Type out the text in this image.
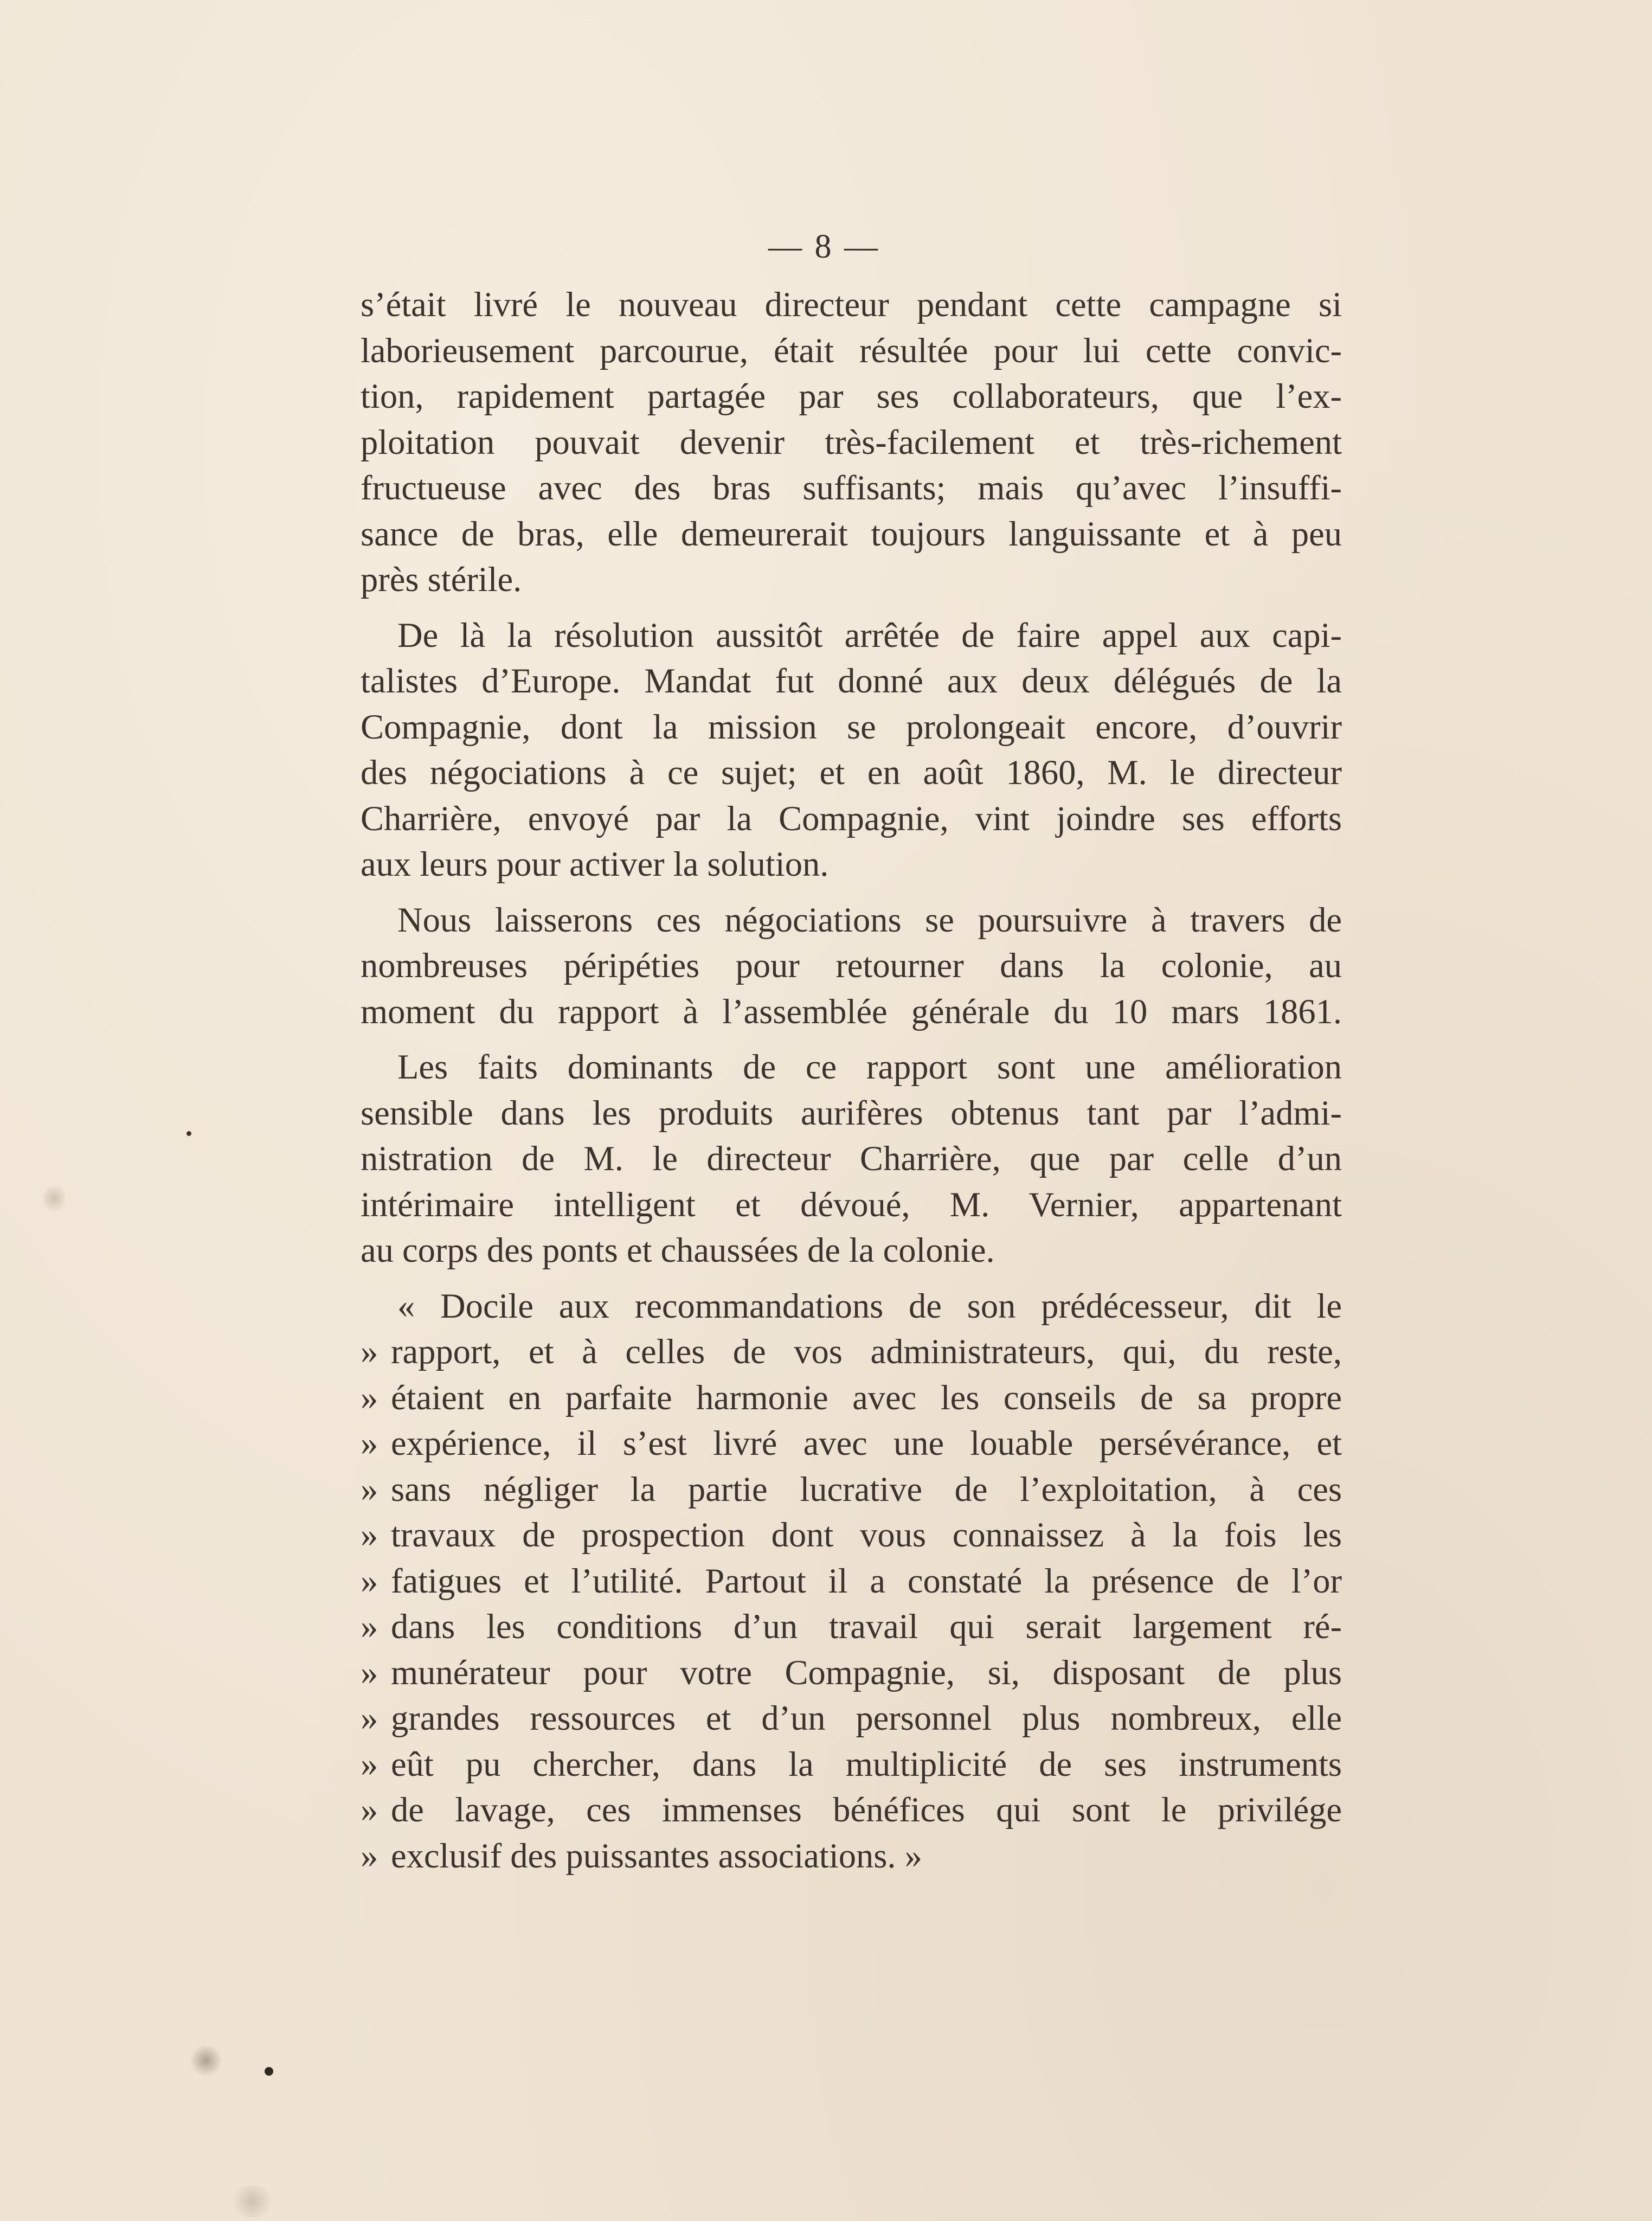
— 8 —
s’était livré le nouveau directeur pendant cette campagne si
laborieusement parcourue, était résultée pour lui cette convic-
tion, rapidement partagée par ses collaborateurs, que l’ex-
ploitation pouvait devenir très-facilement et très-richement
fructueuse avec des bras suffisants; mais qu’avec l’insuffi-
sance de bras, elle demeurerait toujours languissante et à peu
près stérile.
De là la résolution aussitôt arrêtée de faire appel aux capi-
talistes d’Europe. Mandat fut donné aux deux délégués de la
Compagnie, dont la mission se prolongeait encore, d’ouvrir
des négociations à ce sujet; et en août 1860, M. le directeur
Charrière, envoyé par la Compagnie, vint joindre ses efforts
aux leurs pour activer la solution.
Nous laisserons ces négociations se poursuivre à travers de
nombreuses péripéties pour retourner dans la colonie, au
moment du rapport à l’assemblée générale du 10 mars 1861.
Les faits dominants de ce rapport sont une amélioration
sensible dans les produits aurifères obtenus tant par l’admi-
nistration de M. le directeur Charrière, que par celle d’un
intérimaire intelligent et dévoué, M. Vernier, appartenant
au corps des ponts et chaussées de la colonie.
« Docile aux recommandations de son prédécesseur, dit le
» rapport, et à celles de vos administrateurs, qui, du reste,
» étaient en parfaite harmonie avec les conseils de sa propre
» expérience, il s’est livré avec une louable persévérance, et
» sans négliger la partie lucrative de l’exploitation, à ces
» travaux de prospection dont vous connaissez à la fois les
» fatigues et l’utilité. Partout il a constaté la présence de l’or
» dans les conditions d’un travail qui serait largement ré-
» munérateur pour votre Compagnie, si, disposant de plus
» grandes ressources et d’un personnel plus nombreux, elle
» eût pu chercher, dans la multiplicité de ses instruments
» de lavage, ces immenses bénéfices qui sont le privilége
» exclusif des puissantes associations. »
